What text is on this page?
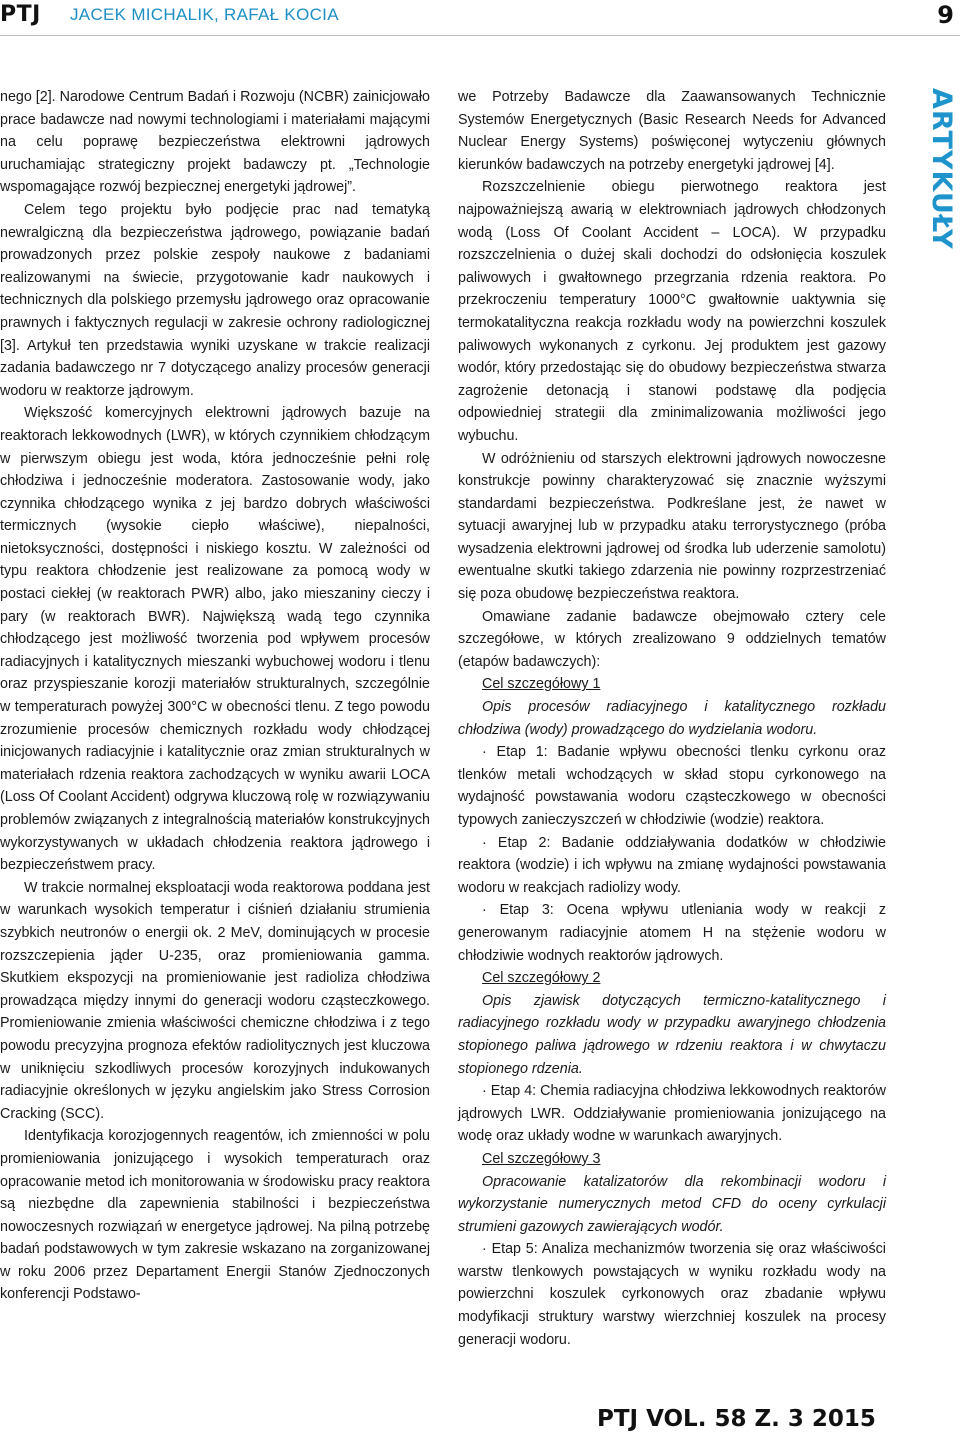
PTJ JACEK MICHALIK, RAFAŁ KOCIA	9
ARTYKUŁY

nego [2]. Narodowe Centrum Badań i Rozwoju (NCBR) zainicjowało prace badawcze nad nowymi technologiami i materiałami mającymi na celu poprawę bezpieczeństwa elektrowni jądrowych uruchamiając strategiczny projekt badawczy pt. „Technologie wspomagające rozwój bezpiecznej energetyki jądrowej”.

Celem tego projektu było podjęcie prac nad tematyką newralgiczną dla bezpieczeństwa jądrowego, powiązanie badań prowadzonych przez polskie zespoły naukowe z badaniami realizowanymi na świecie, przygotowanie kadr naukowych i technicznych dla polskiego przemysłu jądrowego oraz opracowanie prawnych i faktycznych regulacji w zakresie ochrony radiologicznej [3]. Artykuł ten przedstawia wyniki uzyskane w trakcie realizacji zadania badawczego nr 7 dotyczącego analizy procesów generacji wodoru w reaktorze jądrowym.

Większość komercyjnych elektrowni jądrowych bazuje na reaktorach lekkowodnych (LWR), w których czynnikiem chłodzącym w pierwszym obiegu jest woda, która jednocześnie pełni rolę chłodziwa i jednocześnie moderatora. Zastosowanie wody, jako czynnika chłodzącego wynika z jej bardzo dobrych właściwości termicznych (wysokie ciepło właściwe), niepalności, nietoksyczności, dostępności i niskiego kosztu. W zależności od typu reaktora chłodzenie jest realizowane za pomocą wody w postaci ciekłej (w reaktorach PWR) albo, jako mieszaniny cieczy i pary (w reaktorach BWR). Największą wadą tego czynnika chłodzącego jest możliwość tworzenia pod wpływem procesów radiacyjnych i katalitycznych mieszanki wybuchowej wodoru i tlenu oraz przyspieszanie korozji materiałów strukturalnych, szczególnie w temperaturach powyżej 300°C w obecności tlenu. Z tego powodu zrozumienie procesów chemicznych rozkładu wody chłodzącej inicjowanych radiacyjnie i katalitycznie oraz zmian strukturalnych w materiałach rdzenia reaktora zachodzących w wyniku awarii LOCA (Loss Of Coolant Accident) odgrywa kluczową rolę w rozwiązywaniu problemów związanych z integralnością materiałów konstrukcyjnych wykorzystywanych w układach chłodzenia reaktora jądrowego i bezpieczeństwem pracy.

W trakcie normalnej eksploatacji woda reaktorowa poddana jest w warunkach wysokich temperatur i ciśnień działaniu strumienia szybkich neutronów o energii ok. 2 MeV, dominujących w procesie rozszczepienia jąder U-235, oraz promieniowania gamma. Skutkiem ekspozycji na promieniowanie jest radioliza chłodziwa prowadząca między innymi do generacji wodoru cząsteczkowego. Promieniowanie zmienia właściwości chemiczne chłodziwa i z tego powodu precyzyjna prognoza efektów radiolitycznych jest kluczowa w uniknięciu szkodliwych procesów korozyjnych indukowanych radiacyjnie określonych w języku angielskim jako Stress Corrosion Cracking (SCC).

Identyfikacja korozjogennych reagentów, ich zmienności w polu promieniowania jonizującego i wysokich temperaturach oraz opracowanie metod ich monitorowania w środowisku pracy reaktora są niezbędne dla zapewnienia stabilności i bezpieczeństwa nowoczesnych rozwiązań w energetyce jądrowej. Na pilną potrzebę badań podstawowych w tym zakresie wskazano na zorganizowanej w roku 2006 przez Departament Energii Stanów Zjednoczonych konferencji Podstawo-

we Potrzeby Badawcze dla Zaawansowanych Technicznie Systemów Energetycznych (Basic Research Needs for Advanced Nuclear Energy Systems) poświęconej wytyczeniu głównych kierunków badawczych na potrzeby energetyki jądrowej [4].

Rozszczelnienie obiegu pierwotnego reaktora jest najpoważniejszą awarią w elektrowniach jądrowych chłodzonych wodą (Loss Of Coolant Accident – LOCA). W przypadku rozszczelnienia o dużej skali dochodzi do odsłonięcia koszulek paliwowych i gwałtownego przegrzania rdzenia reaktora. Po przekroczeniu temperatury 1000°C gwałtownie uaktywnia się termokatalityczna reakcja rozkładu wody na powierzchni koszulek paliwowych wykonanych z cyrkonu. Jej produktem jest gazowy wodór, który przedostając się do obudowy bezpieczeństwa stwarza zagrożenie detonacją i stanowi podstawę dla podjęcia odpowiedniej strategii dla zminimalizowania możliwości jego wybuchu.

W odróżnieniu od starszych elektrowni jądrowych nowoczesne konstrukcje powinny charakteryzować się znacznie wyższymi standardami bezpieczeństwa. Podkreślane jest, że nawet w sytuacji awaryjnej lub w przypadku ataku terrorystycznego (próba wysadzenia elektrowni jądrowej od środka lub uderzenie samolotu) ewentualne skutki takiego zdarzenia nie powinny rozprzestrzeniać się poza obudowę bezpieczeństwa reaktora.

Omawiane zadanie badawcze obejmowało cztery cele szczegółowe, w których zrealizowano 9 oddzielnych tematów (etapów badawczych):

Cel szczegółowy 1

Opis procesów radiacyjnego i katalitycznego rozkładu chłodziwa (wody) prowadzącego do wydzielania wodoru.

· Etap 1: Badanie wpływu obecności tlenku cyrkonu oraz tlenków metali wchodzących w skład stopu cyrkonowego na wydajność powstawania wodoru cząsteczkowego w obecności typowych zanieczyszczeń w chłodziwie (wodzie) reaktora.

· Etap 2: Badanie oddziaływania dodatków w chłodziwie reaktora (wodzie) i ich wpływu na zmianę wydajności powstawania wodoru w reakcjach radiolizy wody.

· Etap 3: Ocena wpływu utleniania wody w reakcji z generowanym radiacyjnie atomem H na stężenie wodoru w chłodziwie wodnych reaktorów jądrowych.

Cel szczegółowy 2

Opis zjawisk dotyczących termiczno-katalitycznego i radiacyjnego rozkładu wody w przypadku awaryjnego chłodzenia stopionego paliwa jądrowego w rdzeniu reaktora i w chwytaczu stopionego rdzenia.

· Etap 4: Chemia radiacyjna chłodziwa lekkowodnych reaktorów jądrowych LWR. Oddziaływanie promieniowania jonizującego na wodę oraz układy wodne w warunkach awaryjnych.

Cel szczegółowy 3

Opracowanie katalizatorów dla rekombinacji wodoru i wykorzystanie numerycznych metod CFD do oceny cyrkulacji strumieni gazowych zawierających wodór.

· Etap 5: Analiza mechanizmów tworzenia się oraz właściwości warstw tlenkowych powstających w wyniku rozkładu wody na powierzchni koszulek cyrkonowych oraz zbadanie wpływu modyfikacji struktury warstwy wierzchniej koszulek na procesy generacji wodoru.

PTJ VOL. 58 Z. 3 2015
